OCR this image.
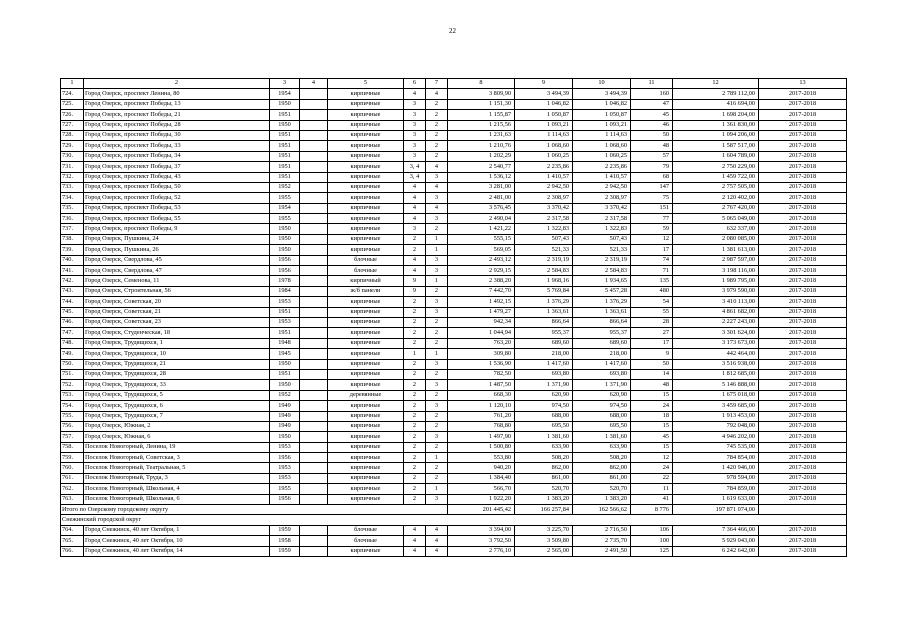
22
1	2	3	4	5	6	7	8	9	10	11	12	13
724.	Город Озерск, проспект Ленина, 80	1954		кирпичные	4	4	3 809,90	3 494,39	3 494,39	160	2 789 112,00	2017-2018
725.	Город Озерск, проспект Победы, 13	1950		кирпичные	3	2	1 151,30	1 046,82	1 046,82	47	416 694,00	2017-2018
726.	Город Озерск, проспект Победы, 21	1951		кирпичные	3	2	1 155,87	1 050,87	1 050,87	45	1 698 204,00	2017-2018
727.	Город Озерск, проспект Победы, 28	1950		кирпичные	3	2	1 215,56	1 093,21	1 093,21	46	1 361 830,00	2017-2018
728.	Город Озерск, проспект Победы, 30	1951		кирпичные	3	2	1 231,63	1 114,63	1 114,63	50	1 094 206,00	2017-2018
729.	Город Озерск, проспект Победы, 33	1951		кирпичные	3	2	1 210,76	1 068,60	1 068,60	48	1 587 517,00	2017-2018
730.	Город Озерск, проспект Победы, 34	1951		кирпичные	3	2	1 202,29	1 060,25	1 060,25	57	1 604 789,00	2017-2018
731.	Город Озерск, проспект Победы, 37	1951		кирпичные	3, 4	4	2 540,77	2 235,86	2 235,86	79	2 750 229,00	2017-2018
732.	Город Озерск, проспект Победы, 43	1951		кирпичные	3, 4	3	1 536,12	1 410,57	1 410,57	68	1 459 722,00	2017-2018
733.	Город Озерск, проспект Победы, 50	1952		кирпичные	4	4	3 281,00	2 942,50	2 942,50	147	2 757 505,00	2017-2018
734.	Город Озерск, проспект Победы, 52	1955		кирпичные	4	3	2 481,00	2 308,97	2 308,97	75	2 120 402,00	2017-2018
735.	Город Озерск, проспект Победы, 53	1954		кирпичные	4	4	3 576,45	3 370,42	3 370,42	151	2 767 420,00	2017-2018
736.	Город Озерск, проспект Победы, 55	1955		кирпичные	4	3	2 490,04	2 317,58	2 317,58	77	5 065 049,00	2017-2018
737.	Город Озерск, проспект Победы, 9	1950		кирпичные	3	2	1 421,22	1 322,83	1 322,83	59	632 337,00	2017-2018
738.	Город Озерск, Пушкина, 24	1950		кирпичные	2	1	555,15	507,43	507,43	12	2 080 085,00	2017-2018
739.	Город Озерск, Пушкина, 26	1950		кирпичные	2	1	569,05	521,33	521,33	17	1 381 613,00	2017-2018
740.	Город Озерск, Свердлова, 45	1956		блочные	4	3	2 493,12	2 319,19	2 319,19	74	2 987 597,00	2017-2018
741.	Город Озерск, Свердлова, 47	1956		блочные	4	3	2 929,15	2 584,83	2 584,83	71	3 198 116,00	2017-2018
742.	Город Озерск, Семенова, 11	1978		кирпичный	9	1	2 388,20	1 968,16	1 934,65	135	1 989 795,00	2017-2018
743.	Город Озерск, Строительная, 56	1984		ж/б панели	9	2	7 442,70	5 769,84	5 457,28	480	3 979 590,00	2017-2018
744.	Город Озерск, Советская, 20	1953		кирпичные	2	3	1 492,15	1 376,29	1 376,29	54	3 410 113,00	2017-2018
745.	Город Озерск, Советская, 21	1951		кирпичные	2	3	1 479,27	1 363,61	1 363,61	55	4 861 682,00	2017-2018
746.	Город Озерск, Советская, 23	1953		кирпичные	2	2	942,34	866,64	866,64	28	2 227 243,00	2017-2018
747.	Город Озерск, Студенческая, 18	1951		кирпичные	2	2	1 044,94	955,37	955,37	27	3 301 624,00	2017-2018
748.	Город Озерск, Трудящихся, 1	1948		кирпичные	2	2	763,20	689,60	689,60	17	3 173 673,00	2017-2018
749.	Город Озерск, Трудящихся, 10	1945		кирпичные	1	1	309,80	218,00	218,00	9	442 464,00	2017-2018
750.	Город Озерск, Трудящихся, 21	1950		кирпичные	2	3	1 536,90	1 417,60	1 417,60	50	3 516 938,00	2017-2018
751.	Город Озерск, Трудящихся, 28	1951		кирпичные	2	2	782,50	693,80	693,80	14	1 812 685,00	2017-2018
752.	Город Озерск, Трудящихся, 33	1950		кирпичные	2	3	1 487,50	1 371,90	1 371,90	48	5 146 888,00	2017-2018
753.	Город Озерск, Трудящихся, 5	1952		деревянные	2	2	668,30	620,90	620,90	15	1 675 018,00	2017-2018
754.	Город Озерск, Трудящихся, 6	1949		кирпичные	2	3	1 120,10	974,50	974,50	24	3 459 685,00	2017-2018
755.	Город Озерск, Трудящихся, 7	1949		кирпичные	2	2	761,20	688,00	688,00	18	1 913 453,00	2017-2018
756.	Город Озерск, Южная, 2	1949		кирпичные	2	2	768,80	695,50	695,50	15	792 048,00	2017-2018
757.	Город Озерск, Южная, 6	1950		кирпичные	2	3	1 497,90	1 381,60	1 381,60	45	4 946 202,00	2017-2018
758.	Поселок Новогорный, Ленина, 19	1953		кирпичные	2	2	1 500,80	633,90	633,90	15	745 535,00	2017-2018
759.	Поселок Новогорный, Советская, 3	1956		кирпичные	2	1	553,80	508,20	508,20	12	784 854,00	2017-2018
760.	Поселок Новогорный, Театральная, 5	1953		кирпичные	2	2	940,20	862,00	862,00	24	1 420 946,00	2017-2018
761.	Поселок Новогорный, Труда, 3	1953		кирпичные	2	2	1 384,40	861,00	861,00	22	978 594,00	2017-2018
762.	Поселок Новогорный, Школьная, 4	1955		кирпичные	2	1	566,70	520,70	520,70	11	784 859,00	2017-2018
763.	Поселок Новогорный, Школьная, 6	1956		кирпичные	2	3	1 922,20	1 383,20	1 383,20	41	1 619 633,00	2017-2018
Итого по Озерскому городскому округу							201 445,42	166 257,84	162 566,62	8 776	197 871 074,00	
Снежинский городской округ												
764.	Город Снежинск, 40 лет Октября, 1	1959		блочные	4	4	3 394,00	3 225,70	2 716,50	106	7 364 466,00	2017-2018
765.	Город Снежинск, 40 лет Октября, 10	1958		блочные	4	4	3 792,50	3 509,80	2 735,70	100	5 929 043,00	2017-2018
766.	Город Снежинск, 40 лет Октября, 14	1959		кирпичные	4	4	2 776,10	2 565,00	2 491,50	125	6 242 642,00	2017-2018
